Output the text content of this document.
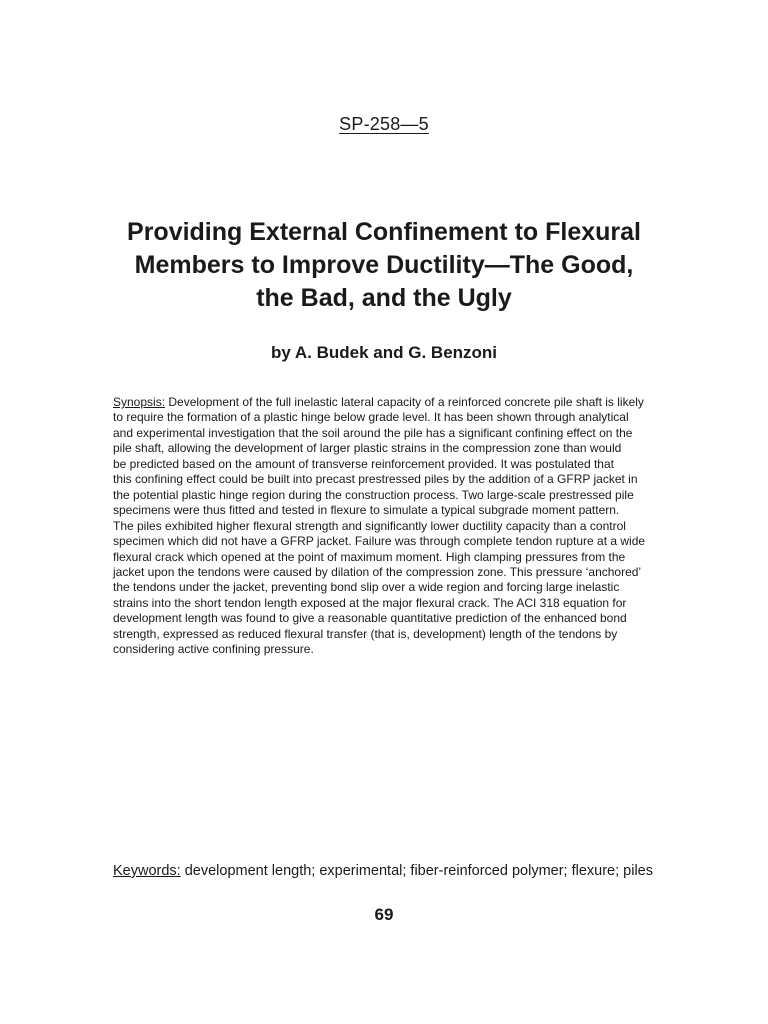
SP-258—5
Providing External Confinement to Flexural
Members to Improve Ductility—The Good,
the Bad, and the Ugly
by A. Budek and G. Benzoni

Synopsis: Development of the full inelastic lateral capacity of a reinforced concrete pile shaft is likely
to require the formation of a plastic hinge below grade level. It has been shown through analytical
and experimental investigation that the soil around the pile has a significant confining effect on the
pile shaft, allowing the development of larger plastic strains in the compression zone than would
be predicted based on the amount of transverse reinforcement provided. It was postulated that
this confining effect could be built into precast prestressed piles by the addition of a GFRP jacket in
the potential plastic hinge region during the construction process. Two large-scale prestressed pile
specimens were thus fitted and tested in flexure to simulate a typical subgrade moment pattern.
The piles exhibited higher flexural strength and significantly lower ductility capacity than a control
specimen which did not have a GFRP jacket. Failure was through complete tendon rupture at a wide
flexural crack which opened at the point of maximum moment. High clamping pressures from the
jacket upon the tendons were caused by dilation of the compression zone. This pressure ‘anchored’
the tendons under the jacket, preventing bond slip over a wide region and forcing large inelastic
strains into the short tendon length exposed at the major flexural crack. The ACI 318 equation for
development length was found to give a reasonable quantitative prediction of the enhanced bond
strength, expressed as reduced flexural transfer (that is, development) length of the tendons by
considering active confining pressure.

Keywords: development length; experimental; fiber-reinforced polymer; flexure; piles
69
